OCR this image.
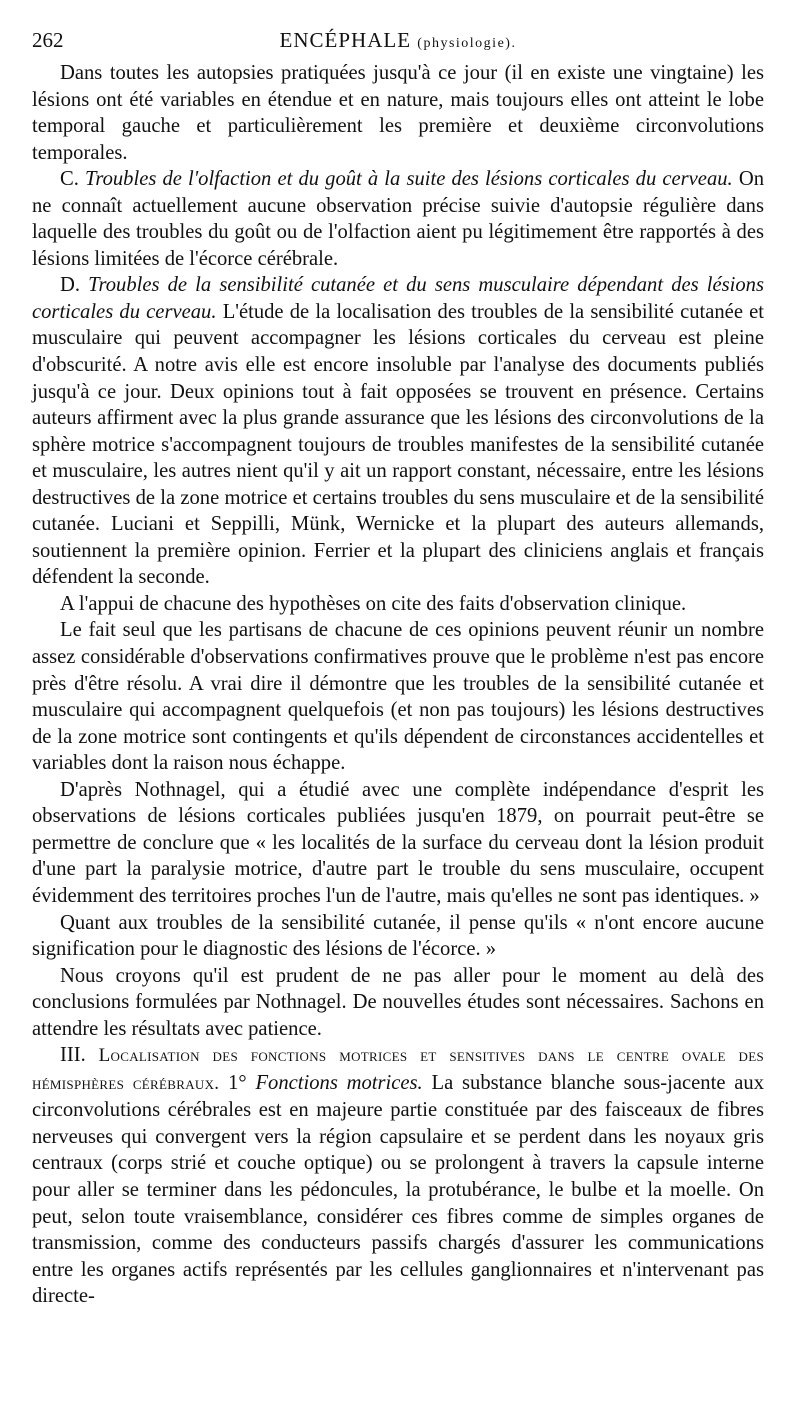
262	ENCÉPHALE (physiologie).

Dans toutes les autopsies pratiquées jusqu'à ce jour (il en existe une vingtaine) les lésions ont été variables en étendue et en nature, mais toujours elles ont atteint le lobe temporal gauche et particulièrement les première et deuxième circonvolutions temporales.

C. Troubles de l'olfaction et du goût à la suite des lésions corticales du cerveau. On ne connaît actuellement aucune observation précise suivie d'autopsie régulière dans laquelle des troubles du goût ou de l'olfaction aient pu légitimement être rapportés à des lésions limitées de l'écorce cérébrale.

D. Troubles de la sensibilité cutanée et du sens musculaire dépendant des lésions corticales du cerveau. L'étude de la localisation des troubles de la sensibilité cutanée et musculaire qui peuvent accompagner les lésions corticales du cerveau est pleine d'obscurité. A notre avis elle est encore insoluble par l'analyse des documents publiés jusqu'à ce jour. Deux opinions tout à fait opposées se trouvent en présence. Certains auteurs affirment avec la plus grande assurance que les lésions des circonvolutions de la sphère motrice s'accompagnent toujours de troubles manifestes de la sensibilité cutanée et musculaire, les autres nient qu'il y ait un rapport constant, nécessaire, entre les lésions destructives de la zone motrice et certains troubles du sens musculaire et de la sensibilité cutanée. Luciani et Seppilli, Münk, Wernicke et la plupart des auteurs allemands, soutiennent la première opinion. Ferrier et la plupart des cliniciens anglais et français défendent la seconde.

A l'appui de chacune des hypothèses on cite des faits d'observation clinique.

Le fait seul que les partisans de chacune de ces opinions peuvent réunir un nombre assez considérable d'observations confirmatives prouve que le problème n'est pas encore près d'être résolu. A vrai dire il démontre que les troubles de la sensibilité cutanée et musculaire qui accompagnent quelquefois (et non pas toujours) les lésions destructives de la zone motrice sont contingents et qu'ils dépendent de circonstances accidentelles et variables dont la raison nous échappe.

D'après Nothnagel, qui a étudié avec une complète indépendance d'esprit les observations de lésions corticales publiées jusqu'en 1879, on pourrait peut-être se permettre de conclure que « les localités de la surface du cerveau dont la lésion produit d'une part la paralysie motrice, d'autre part le trouble du sens musculaire, occupent évidemment des territoires proches l'un de l'autre, mais qu'elles ne sont pas identiques. »

Quant aux troubles de la sensibilité cutanée, il pense qu'ils « n'ont encore aucune signification pour le diagnostic des lésions de l'écorce. »

Nous croyons qu'il est prudent de ne pas aller pour le moment au delà des conclusions formulées par Nothnagel. De nouvelles études sont nécessaires. Sachons en attendre les résultats avec patience.

III. Localisation des fonctions motrices et sensitives dans le centre ovale des hémisphères cérébraux. 1° Fonctions motrices. La substance blanche sous-jacente aux circonvolutions cérébrales est en majeure partie constituée par des faisceaux de fibres nerveuses qui convergent vers la région capsulaire et se perdent dans les noyaux gris centraux (corps strié et couche optique) ou se prolongent à travers la capsule interne pour aller se terminer dans les pédoncules, la protubérance, le bulbe et la moelle. On peut, selon toute vraisemblance, considérer ces fibres comme de simples organes de transmission, comme des conducteurs passifs chargés d'assurer les communications entre les organes actifs représentés par les cellules ganglionnaires et n'intervenant pas directe-
